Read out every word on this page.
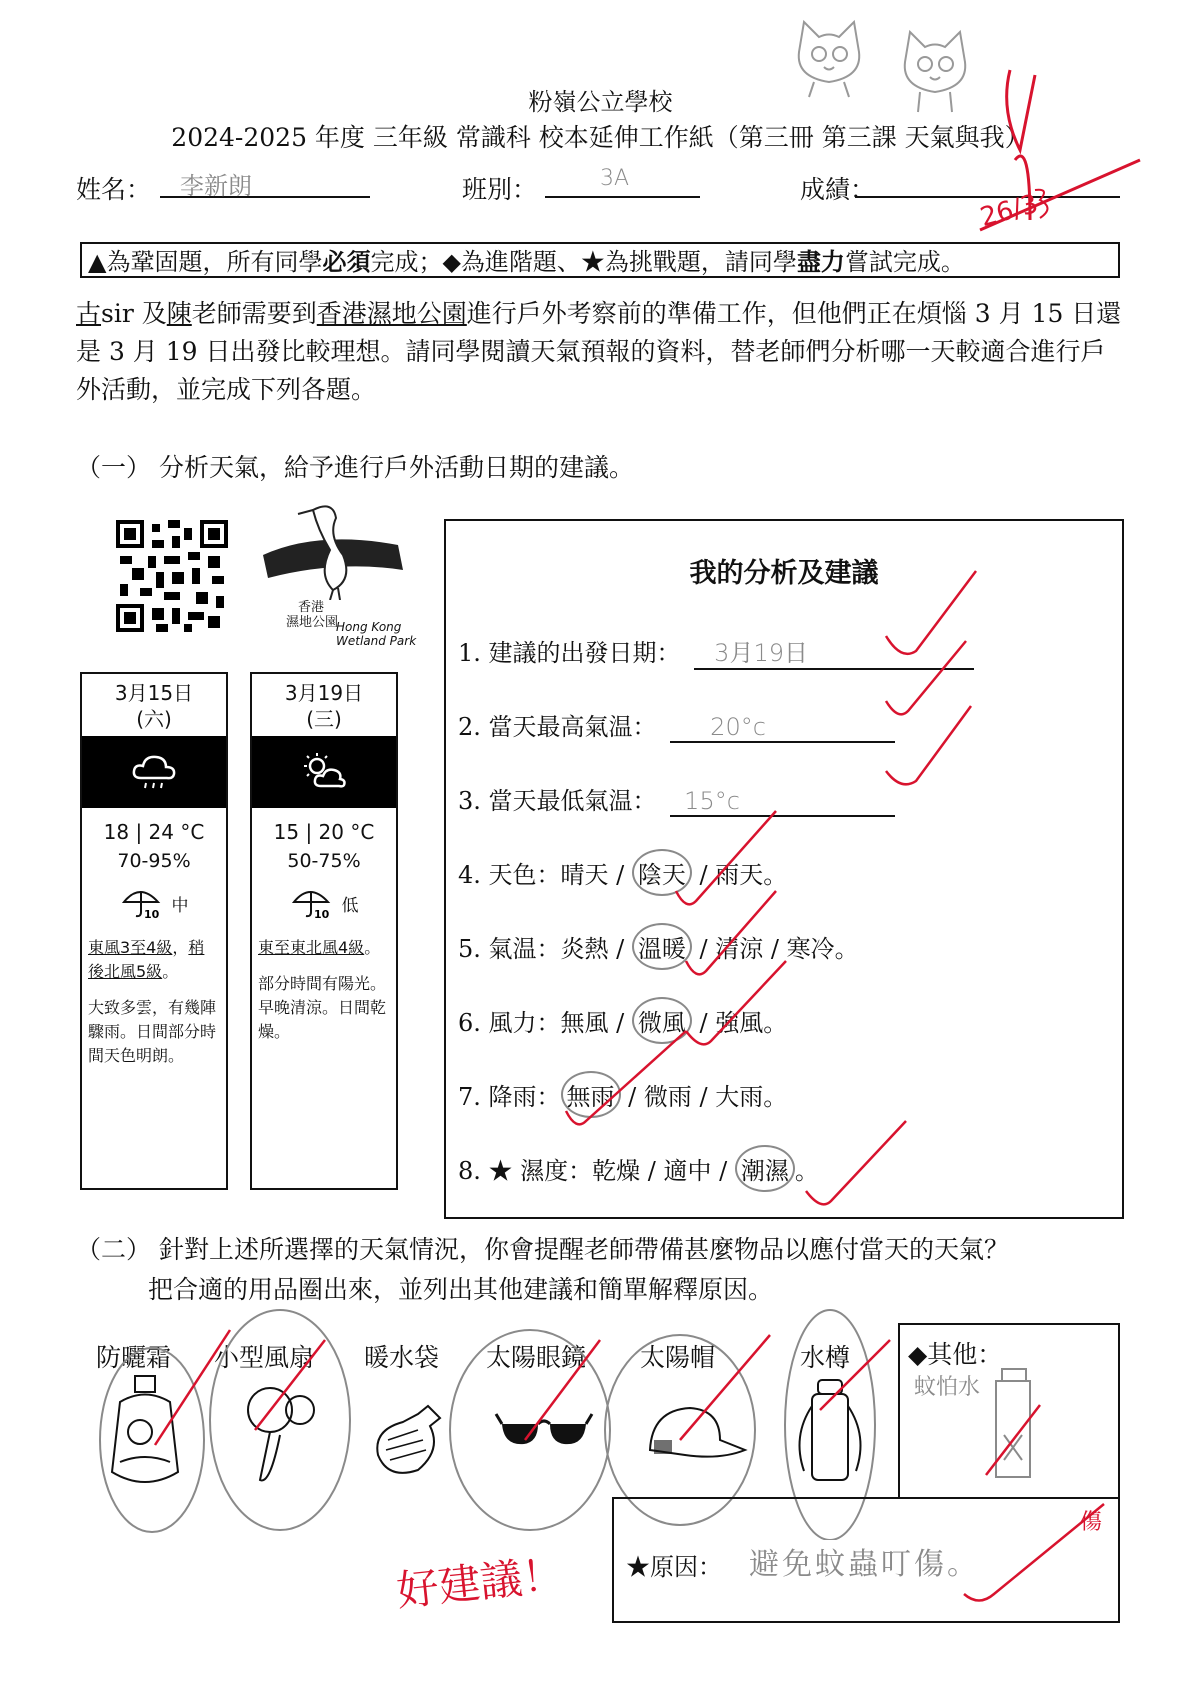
粉嶺公立學校
2024-2025 年度 三年級 常識科 校本延伸工作紙（第三冊 第三課 天氣與我）
姓名：	李新朗	班別：	3A	成績：	26/3
▲為鞏固題，所有同學必須完成；◆為進階題、★為挑戰題，請同學盡力嘗試完成。
古sir 及陳老師需要到香港濕地公園進行戶外考察前的準備工作，但他們正在煩惱 3 月 15 日還是 3 月 19 日出發比較理想。請同學閱讀天氣預報的資料，替老師們分析哪一天較適合進行戶外活動，並完成下列各題。
（一） 分析天氣，給予進行戶外活動日期的建議。
香港
濕地公園
Hong Kong
Wetland Park
3月15日
(六)
18 | 24 °C
70-95%
10 中
東風3至4級，稍後北風5級。
大致多雲，有幾陣驟雨。日間部分時間天色明朗。
3月19日
(三)
15 | 20 °C
50-75%
10 低
東至東北風4級。
部分時間有陽光。早晚清涼。日間乾燥。
我的分析及建議
1. 建議的出發日期： 3月19日
2. 當天最高氣温： 20°c
3. 當天最低氣温： 15°c
4. 天色：晴天 / 陰天 / 雨天。
5. 氣温：炎熱 / 溫暖 / 清涼 / 寒冷。
6. 風力：無風 / 微風 / 強風。
7. 降雨： 無雨 / 微雨 / 大雨。
8. ★ 濕度：乾燥 / 適中 / 潮濕 。
（二） 針對上述所選擇的天氣情況，你會提醒老師帶備甚麼物品以應付當天的天氣？
把合適的用品圈出來，並列出其他建議和簡單解釋原因。
防曬霜 小型風扇 暖水袋 太陽眼鏡 太陽帽	水樽 ◆其他：
蚊怕水
★原因： 避免蚊蟲叮傷。
傷
好建議！
